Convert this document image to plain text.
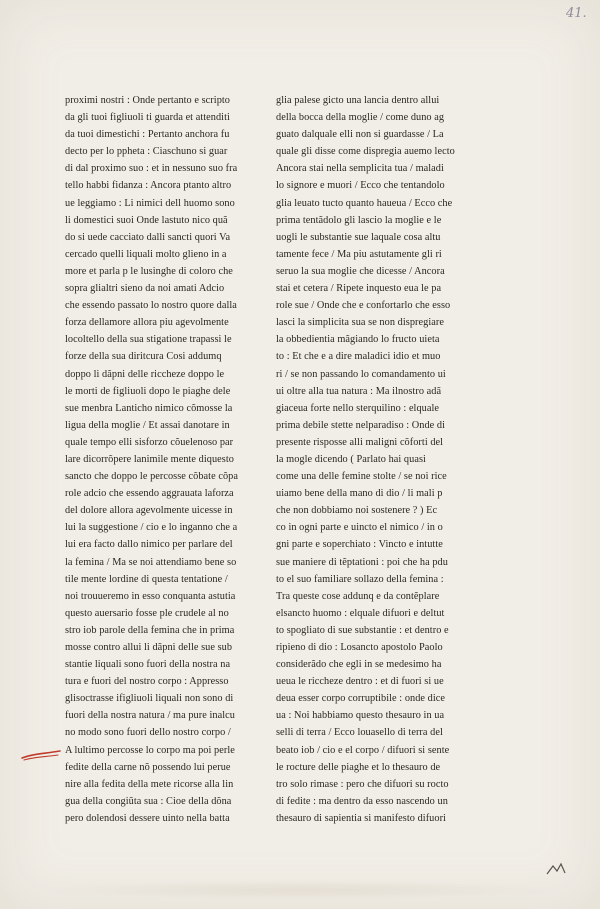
41.
proximi nostri : Onde pertanto e scripto
da gli tuoi figliuoli ti guarda et attenditi
da tuoi dimestichi : Pertanto anchora fu
decto per lo ppheta : Ciaschuno si guar
di dal proximo suo : et in nessuno suo fra
tello habbi fidanza : Ancora ptanto altro
ue leggiamo : Li nimici dell huomo sono
li domestici suoi Onde lastuto nico quã
do si uede cacciato dalli sancti quori Va
cercado quelli liquali molto glieno in a
more et parla p le lusinghe di coloro che
sopra glialtri sieno da noi amati Adcio
che essendo passato lo nostro quore dalla
forza dellamore allora piu agevolmente
locoltello della sua stigatione trapassi le
forze della sua diritcura Cosi addumq
doppo li dãpni delle riccheze doppo le
le morti de figliuoli dopo le piaghe dele
sue menbra Lanticho nimico cõmosse la
ligua della moglie / Et assai danotare in
quale tempo elli sisforzo cõuelenoso par
lare dicorrõpere lanimile mente diquesto
sancto che doppo le percosse cõbate cõpa
role adcio che essendo aggrauata laforza
del dolore allora agevolmente uicesse in
lui la suggestione / cio e lo inganno che a
lui era facto dallo nimico per parlare del
la femina / Ma se noi attendiamo bene so
tile mente lordine di questa tentatione /
noi trouueremo in esso conquanta astutia
questo auersario fosse ple crudele al no
stro iob parole della femina che in prima
mosse contro allui li dãpni delle sue sub
stantie liquali sono fuori della nostra na
tura e fuori del nostro corpo : Appresso
glisoctrasse ifigliuoli liquali non sono di
fuori della nostra natura / ma pure inalcu
no modo sono fuori dello nostro corpo /
A lultimo percosse lo corpo ma poi perle
fedite della carne nõ possendo lui perue
nire alla fedita della mete ricorse alla lin
gua della congiũta sua : Cioe della dõna
pero dolendosi dessere uinto nella batta
glia palese gicto una lancia dentro allui
della bocca della moglie / come duno ag
guato dalquale elli non si guardasse / La
quale gli disse come dispregia auemo lecto
Ancora stai nella semplicita tua / maladi
lo signore e muori / Ecco che tentandolo
glia leuato tucto quanto haueua / Ecco che
prima tentãdolo gli lascio la moglie e le
uogli le substantie sue laquale cosa altu
tamente fece / Ma piu astutamente gli ri
seruo la sua moglie che dicesse / Ancora
stai et cetera / Ripete inquesto eua le pa
role sue / Onde che e confortarlo che esso
lasci la simplicita sua se non dispregiare
la obbedientia mãgiando lo fructo uieta
to : Et che e a dire maladici idio et muo
ri / se non passando lo comandamento ui
ui oltre alla tua natura : Ma ilnostro adã
giaceua forte nello sterquilino : elquale
prima debile stette nelparadiso : Onde di
presente risposse alli maligni cõforti del
la mogle dicendo ( Parlato hai quasi
come una delle femine stolte / se noi rice
uiamo bene della mano di dio / li mali p
che non dobbiamo noi sostenere ? ) Ec
co in ogni parte e uincto el nimico / in o
gni parte e soperchiato : Vincto e intutte
sue maniere di tẽptationi : poi che ha pdu
to el suo familiare sollazo della femina :
Tra queste cose addunq e da contẽplare
elsancto huomo : elquale difuori e deltut
to spogliato di sue substantie : et dentro e
ripieno di dio : Losancto apostolo Paolo
considerãdo che egli in se medesimo ha
ueua le riccheze dentro : et di fuori si ue
deua esser corpo corruptibile : onde dice
ua : Noi habbiamo questo thesauro in ua
selli di terra / Ecco louasello di terra del
beato iob / cio e el corpo / difuori si sente
le rocture delle piaghe et lo thesauro de
tro solo rimase : pero che difuori su rocto
di fedite : ma dentro da esso nascendo un
thesauro di sapientia si manifesto difuori
